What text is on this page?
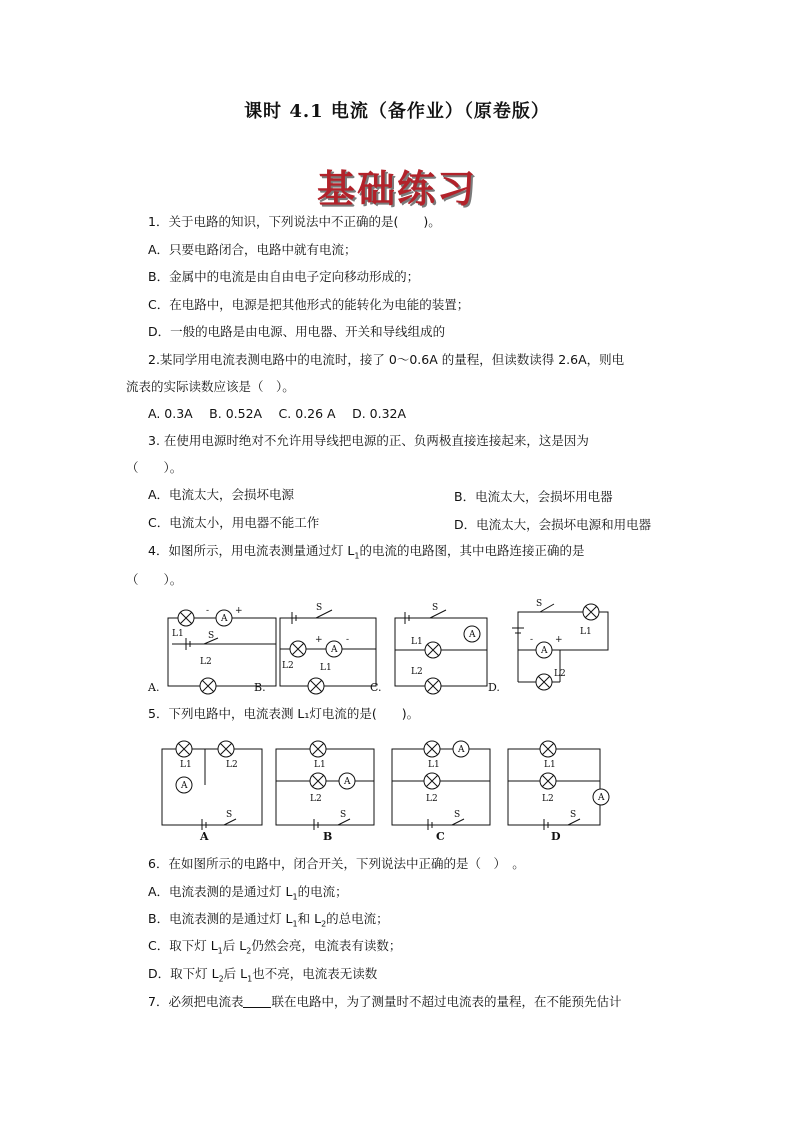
课时 4.1 电流（备作业）（原卷版）
基础练习
1．关于电路的知识，下列说法中不正确的是(　　)。
A．只要电路闭合，电路中就有电流；
B．金属中的电流是由自由电子定向移动形成的；
C．在电路中，电源是把其他形式的能转化为电能的装置；
D．一般的电路是由电源、用电器、开关和导线组成的
2.某同学用电流表测电路中的电流时，接了 0～0.6A 的量程，但读数读得 2.6A，则电
流表的实际读数应该是（　）。
A. 0.3A　 B. 0.52A　 C. 0.26 A　 D. 0.32A
3. 在使用电源时绝对不允许用导线把电源的正、负两极直接连接起来，这是因为
（　　）。
A．电流太大，会损坏电源	B．电流太大，会损坏用电器
C．电流太小，用电器不能工作	D．电流太大，会损坏电源和用电器
4．如图所示，用电流表测量通过灯 $L_1$的电流的电路图，其中电路连接正确的是
（　　）。
A
-	+
L1	S
L2
S
A
+	-
L2	L1
S
A
L1
L2
S
A
- +
L1
L2
A.	B.	C.	D.
5．下列电路中，电流表测 L₁灯电流的是(　　)。
A
L1	L2
S
A
L1
L2
S
A
L1
L2
S
A
L1
L2
S
A	B	C	D
6．在如图所示的电路中，闭合开关，下列说法中正确的是（　）　。
A．电流表测的是通过灯 $L_1$的电流；
B．电流表测的是通过灯 $L_1$和 $L_2$的总电流；
C．取下灯 $L_1$后 $L_2$仍然会亮，电流表有读数；
D．取下灯 $L_2$后 $L_1$也不亮，电流表无读数
7．必须把电流表 联在电路中，为了测量时不超过电流表的量程，在不能预先估计
